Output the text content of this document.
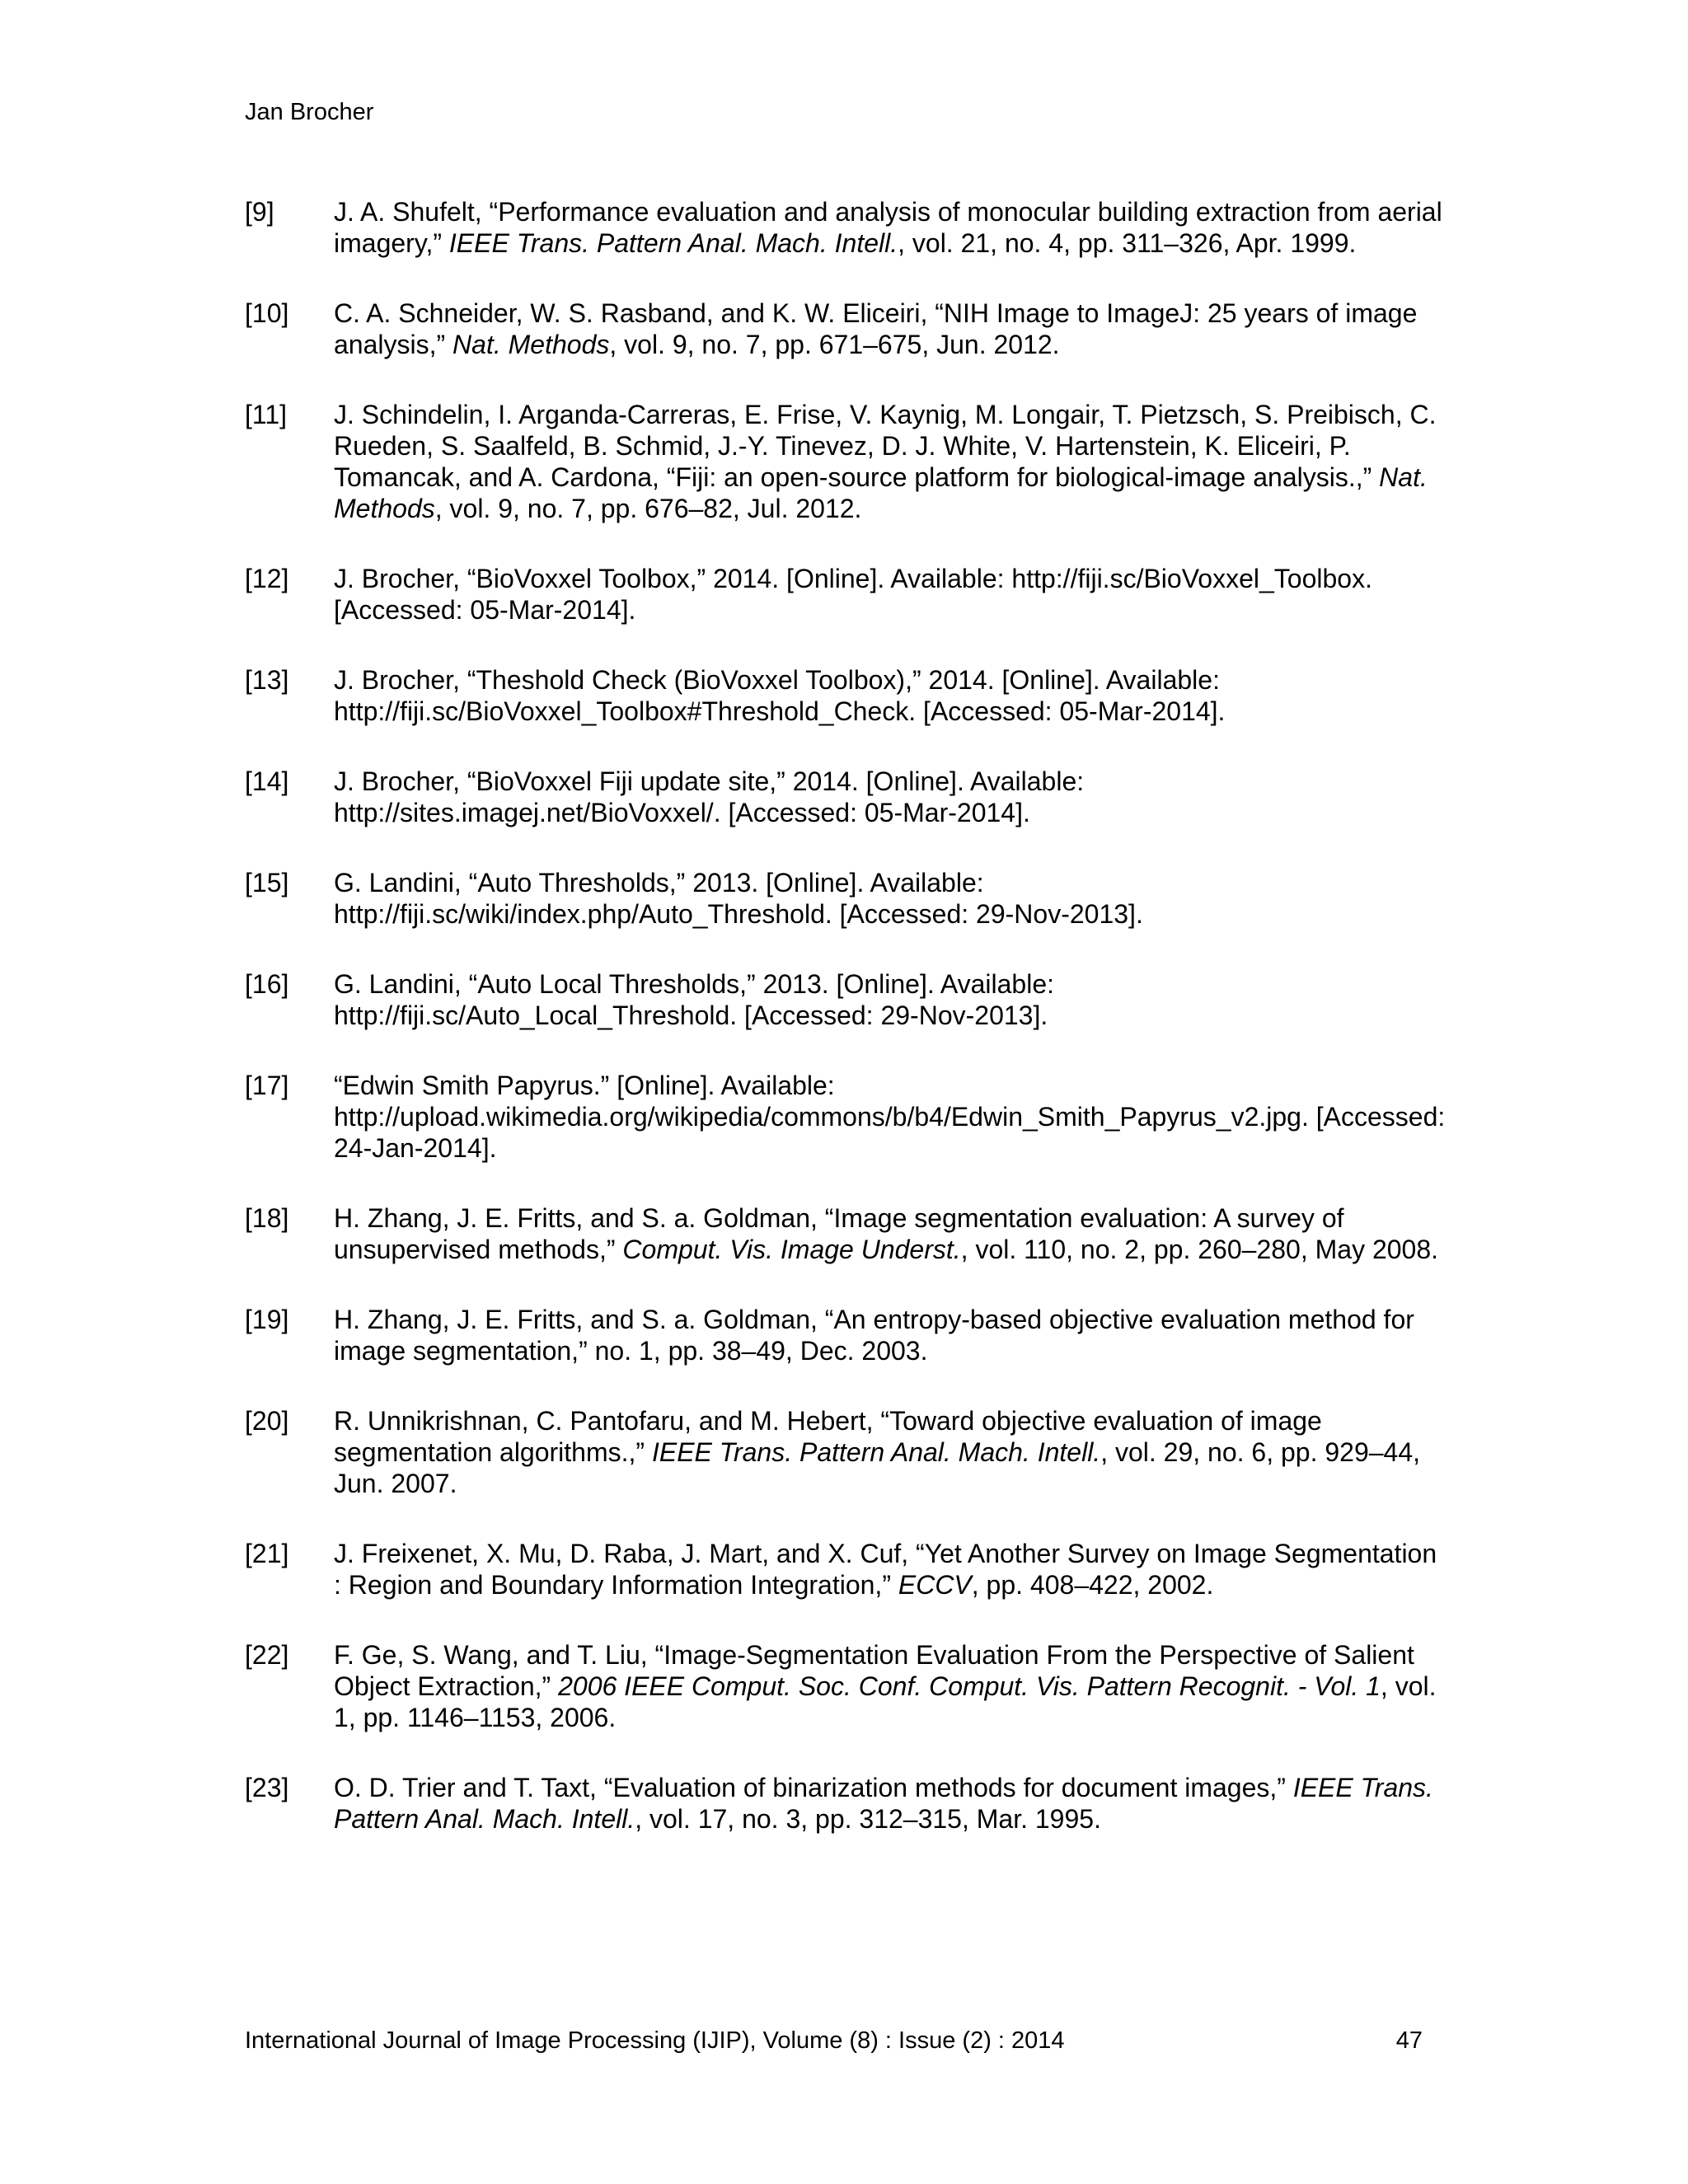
Jan Brocher
[9]	J. A. Shufelt, “Performance evaluation and analysis of monocular building extraction from aerial imagery,” IEEE Trans. Pattern Anal. Mach. Intell., vol. 21, no. 4, pp. 311–326, Apr. 1999.
[10]	C. A. Schneider, W. S. Rasband, and K. W. Eliceiri, “NIH Image to ImageJ: 25 years of image analysis,” Nat. Methods, vol. 9, no. 7, pp. 671–675, Jun. 2012.
[11]	J. Schindelin, I. Arganda-Carreras, E. Frise, V. Kaynig, M. Longair, T. Pietzsch, S. Preibisch, C. Rueden, S. Saalfeld, B. Schmid, J.-Y. Tinevez, D. J. White, V. Hartenstein, K. Eliceiri, P. Tomancak, and A. Cardona, “Fiji: an open-source platform for biological-image analysis.,” Nat. Methods, vol. 9, no. 7, pp. 676–82, Jul. 2012.
[12]	J. Brocher, “BioVoxxel Toolbox,” 2014. [Online]. Available: http://fiji.sc/BioVoxxel_Toolbox. [Accessed: 05-Mar-2014].
[13]	J. Brocher, “Theshold Check (BioVoxxel Toolbox),” 2014. [Online]. Available: http://fiji.sc/BioVoxxel_Toolbox#Threshold_Check. [Accessed: 05-Mar-2014].
[14]	J. Brocher, “BioVoxxel Fiji update site,” 2014. [Online]. Available: http://sites.imagej.net/BioVoxxel/. [Accessed: 05-Mar-2014].
[15]	G. Landini, “Auto Thresholds,” 2013. [Online]. Available: http://fiji.sc/wiki/index.php/Auto_Threshold. [Accessed: 29-Nov-2013].
[16]	G. Landini, “Auto Local Thresholds,” 2013. [Online]. Available: http://fiji.sc/Auto_Local_Threshold. [Accessed: 29-Nov-2013].
[17]	“Edwin Smith Papyrus.” [Online]. Available: http://upload.wikimedia.org/wikipedia/commons/b/b4/Edwin_Smith_Papyrus_v2.jpg. [Accessed: 24-Jan-2014].
[18]	H. Zhang, J. E. Fritts, and S. a. Goldman, “Image segmentation evaluation: A survey of unsupervised methods,” Comput. Vis. Image Underst., vol. 110, no. 2, pp. 260–280, May 2008.
[19]	H. Zhang, J. E. Fritts, and S. a. Goldman, “An entropy-based objective evaluation method for image segmentation,” no. 1, pp. 38–49, Dec. 2003.
[20]	R. Unnikrishnan, C. Pantofaru, and M. Hebert, “Toward objective evaluation of image segmentation algorithms.,” IEEE Trans. Pattern Anal. Mach. Intell., vol. 29, no. 6, pp. 929–44, Jun. 2007.
[21]	J. Freixenet, X. Mu, D. Raba, J. Mart, and X. Cuf, “Yet Another Survey on Image Segmentation : Region and Boundary Information Integration,” ECCV, pp. 408–422, 2002.
[22]	F. Ge, S. Wang, and T. Liu, “Image-Segmentation Evaluation From the Perspective of Salient Object Extraction,” 2006 IEEE Comput. Soc. Conf. Comput. Vis. Pattern Recognit. - Vol. 1, vol. 1, pp. 1146–1153, 2006.
[23]	O. D. Trier and T. Taxt, “Evaluation of binarization methods for document images,” IEEE Trans. Pattern Anal. Mach. Intell., vol. 17, no. 3, pp. 312–315, Mar. 1995.
International Journal of Image Processing (IJIP), Volume (8) : Issue (2) : 2014	47
